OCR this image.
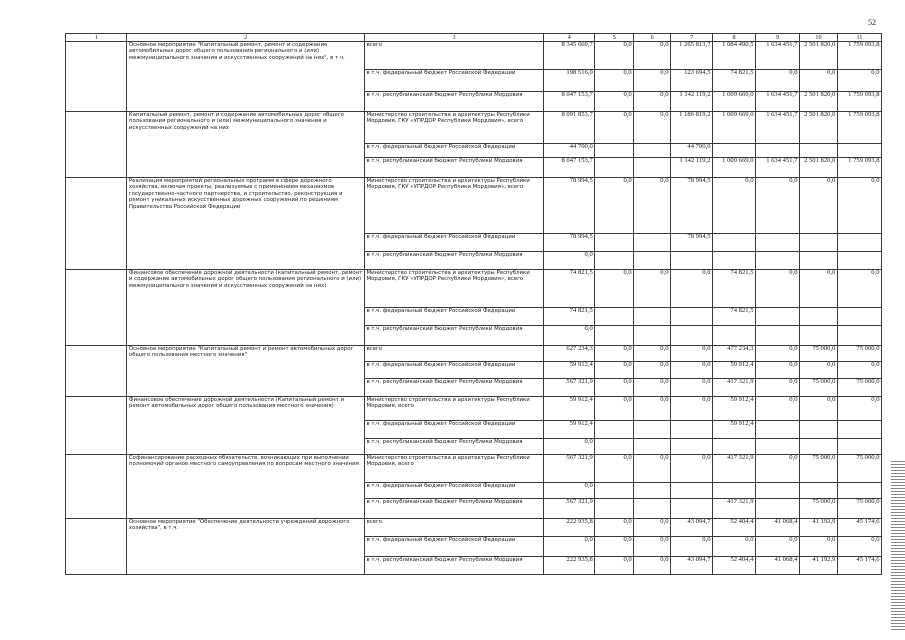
52
1	2	3	4	5	6	7	8	9	10	11
	Основное мероприятие "Капитальный ремонт, ремонт и содержание автомобильных дорог общего пользования регионального и (или) межмуниципального значения и искусственных сооружений на них", в т.ч.	всего	8 345 669,7	0,0	0,0	1 265 813,7	1 084 490,5	1 634 451,7	2 501 820,0	1 759 093,8
		в т.ч. федеральный бюджет Российской Федерации	198 516,0	0,0	0,0	123 694,5	74 821,5	0,0	0,0	0,0
		в т.ч. республиканский бюджет Республики Мордовия	8 047 153,7	0,0	0,0	1 142 119,2	1 009 669,0	1 634 451,7	2 501 820,0	1 759 093,8
	Капитальный ремонт, ремонт и содержание автомобильных дорог общего пользования регионального и (или) межмуниципального значения и искусственных сооружений на них	Министерство строительства и архитектуры Республики Мордовия, ГКУ «УПРДОР Республики Мордовия», всего	8 091 853,7	0,0	0,0	1 186 819,2	1 009 669,0	1 634 451,7	2 501 820,0	1 759 093,8
		в т.ч. федеральный бюджет Российской Федерации	44 700,0			44 700,0				
		в т.ч. республиканский бюджет Республики Мордовия	8 047 153,7			1 142 119,2	1 009 669,0	1 634 451,7	2 501 820,0	1 759 093,8
	Реализация мероприятий региональных программ в сфере дорожного хозяйства, включая проекты, реализуемые с применением механизмов государственно-частного партнерства, и строительство, реконструкция и ремонт уникальных искусственных дорожных сооружений по решениям Правительства Российской Федерации	Министерство строительства и архитектуры Республики Мордовия, ГКУ «УПРДОР Республики Мордовия», всего	78 994,5	0,0	0,0	78 994,5	0,0	0,0	0,0	0,0
		в т.ч. федеральный бюджет Российской Федерации	78 994,5			78 994,5				
		в т.ч. республиканский бюджет Республики Мордовия	0,0							
	Финансовое обеспечение дорожной деятельности (капитальный ремонт, ремонт и содержание автомобильных дорог общего пользования регионального и (или) межмуниципального значения и искусственных сооружений на них)	Министерство строительства и архитектуры Республики Мордовия, ГКУ «УПРДОР Республики Мордовия», всего	74 821,5	0,0	0,0	0,0	74 821,5	0,0	0,0	0,0
		в т.ч. федеральный бюджет Российской Федерации	74 821,5				74 821,5			
		в т.ч. республиканский бюджет Республики Мордовия	0,0							
	Основное мероприятие "Капитальный ремонт и ремонт автомобильных дорог общего пользования местного значения"	всего	627 234,3	0,0	0,0	0,0	477 234,3	0,0	75 000,0	75 000,0
		в т.ч. федеральный бюджет Российской Федерации	59 912,4	0,0	0,0	0,0	59 912,4	0,0	0,0	0,0
		в т.ч. республиканский бюджет Республики Мордовия	567 321,9	0,0	0,0	0,0	417 321,9	0,0	75 000,0	75 000,0
	Финансовое обеспечение дорожной деятельности (Капитальный ремонт и ремонт автомобильных дорог общего пользования местного значения)	Министерство строительства и архитектуры Республики Мордовия, всего	59 912,4	0,0	0,0	0,0	59 912,4	0,0	0,0	0,0
		в т.ч. федеральный бюджет Российской Федерации	59 912,4				59 912,4			
		в т.ч. республиканский бюджет Республики Мордовия	0,0							
	Софинансирование расходных обязательств, возникающих при выполнении полномочий органов местного самоуправления по вопросам местного значения	Министерство строительства и архитектуры Республики Мордовия, всего	567 321,9	0,0	0,0	0,0	417 321,9	0,0	75 000,0	75 000,0
		в т.ч. федеральный бюджет Российской Федерации	0,0							
		в т.ч. республиканский бюджет Республики Мордовия	567 321,9				417 321,9		75 000,0	75 000,0
	Основное мероприятие "Обеспечение деятельности учреждений дорожного хозяйства", в т.ч.	всего	222 935,8	0,0	0,0	43 094,7	52 404,4	41 068,4	41 192,9	45 174,6
		в т.ч. федеральный бюджет Российской Федерации	0,0	0,0	0,0	0,0	0,0	0,0	0,0	0,0
		в т.ч. республиканский бюджет Республики Мордовия	222 935,8	0,0	0,0	43 094,7	52 404,4	41 068,4	41 192,9	45 174,6
